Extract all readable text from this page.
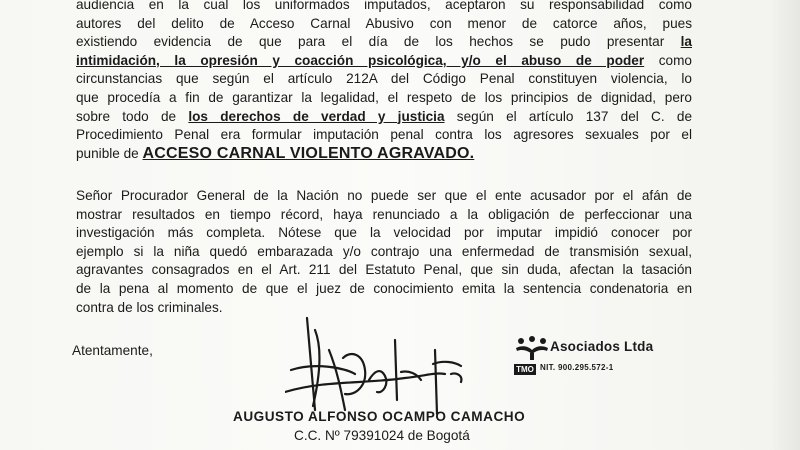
audiencia en la cual los uniformados imputados, aceptaron su responsabilidad como
autores del delito de Acceso Carnal Abusivo con menor de catorce años, pues
existiendo evidencia de que para el día de los hechos se pudo presentar la
intimidación, la opresión y coacción psicológica, y/o el abuso de poder como
circunstancias que según el artículo 212A del Código Penal constituyen violencia, lo
que procedía a fin de garantizar la legalidad, el respeto de los principios de dignidad, pero
sobre todo de los derechos de verdad y justicia según el artículo 137 del C. de
Procedimiento Penal era formular imputación penal contra los agresores sexuales por el
punible de ACCESO CARNAL VIOLENTO AGRAVADO.
Señor Procurador General de la Nación no puede ser que el ente acusador por el afán de
mostrar resultados en tiempo récord, haya renunciado a la obligación de perfeccionar una
investigación más completa. Nótese que la velocidad por imputar impidió conocer por
ejemplo si la niña quedó embarazada y/o contrajo una enfermedad de transmisión sexual,
agravantes consagrados en el Art. 211 del Estatuto Penal, que sin duda, afectan la tasación
de la pena al momento de que el juez de conocimiento emita la sentencia condenatoria en
contra de los criminales.
Atentamente,
AUGUSTO ALFONSO OCAMPO CAMACHO
C.C. Nº 79391024 de Bogotá
Asociados Ltda
TMO NIT. 900.295.572-1
